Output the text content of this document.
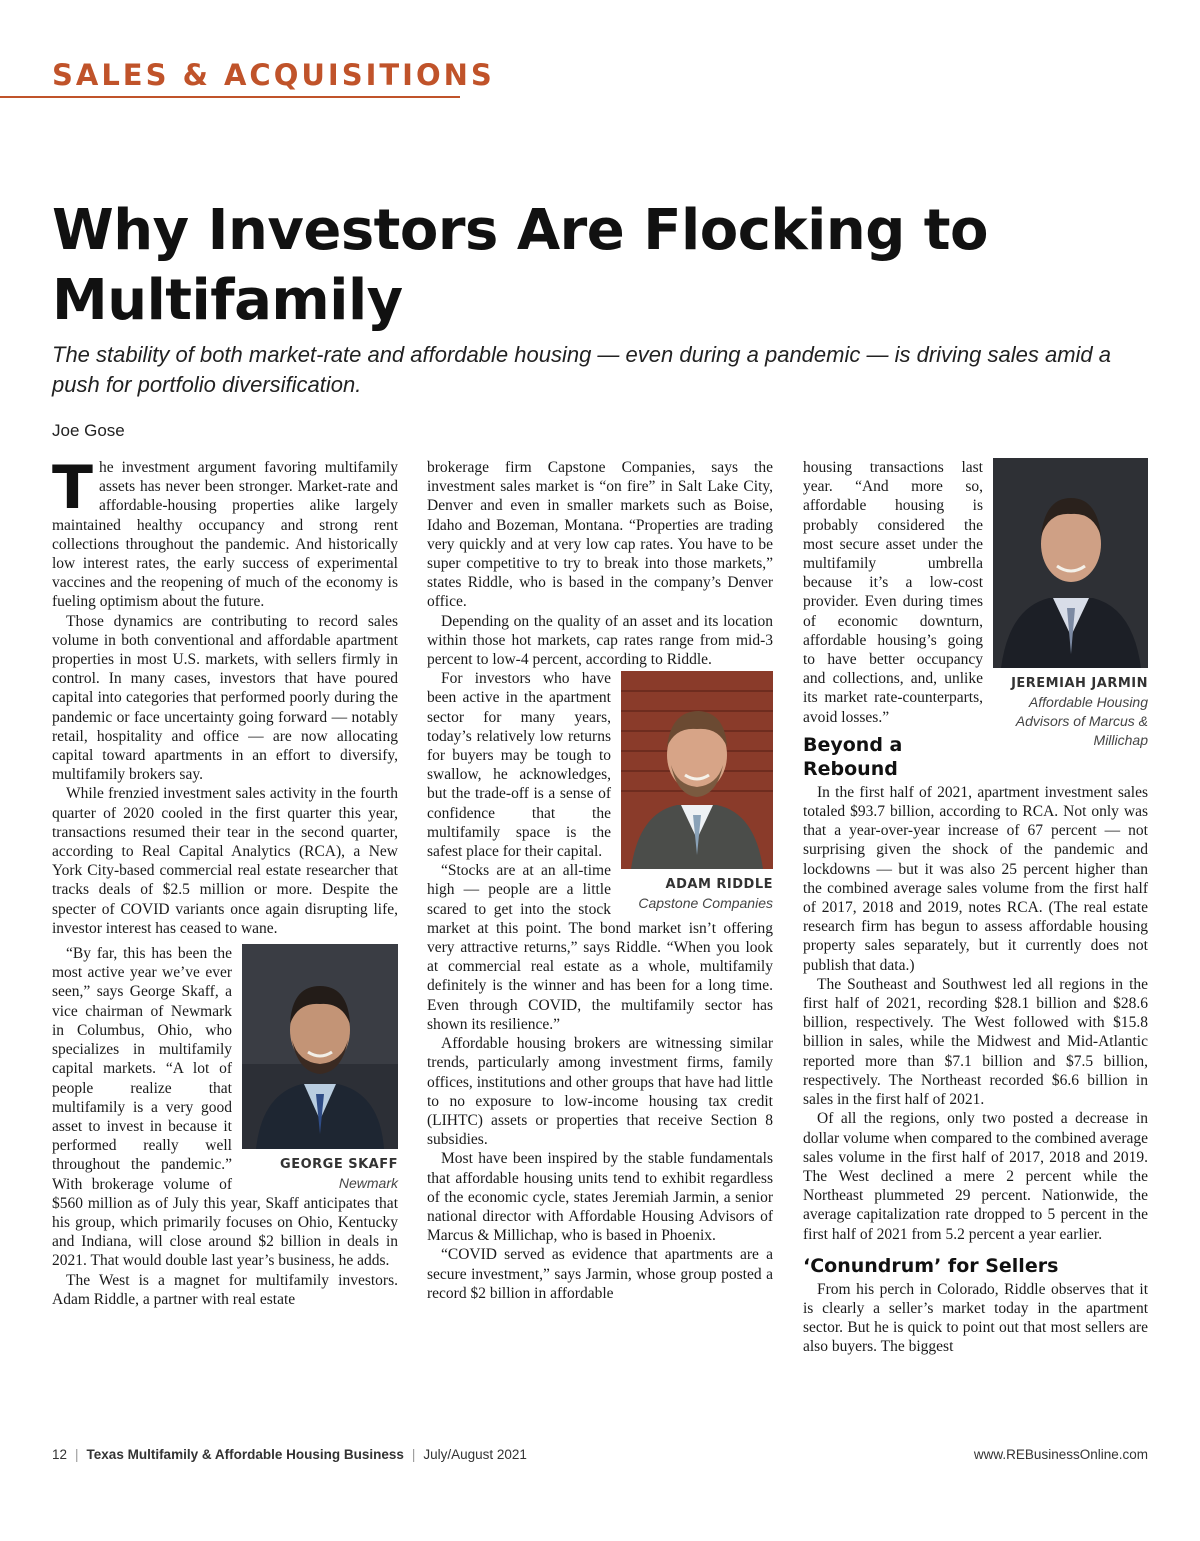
SALES & ACQUISITIONS
Why Investors Are Flocking to Multifamily

The stability of both market-rate and affordable housing — even during a pandemic — is driving sales amid a push for portfolio diversification.

Joe Gose

The investment argument favoring multifamily assets has never been stronger. Market-rate and affordable-housing properties alike largely maintained healthy occupancy and strong rent collections throughout the pandemic. And historically low interest rates, the early success of experimental vaccines and the reopening of much of the economy is fueling optimism about the future.

Those dynamics are contributing to record sales volume in both conventional and affordable apartment properties in most U.S. markets, with sellers firmly in control. In many cases, investors that have poured capital into categories that performed poorly during the pandemic or face uncertainty going forward — notably retail, hospitality and office — are now allocating capital toward apartments in an effort to diversify, multifamily brokers say.

While frenzied investment sales activity in the fourth quarter of 2020 cooled in the first quarter this year, transactions resumed their tear in the second quarter, according to Real Capital Analytics (RCA), a New York City-based commercial real estate researcher that tracks deals of $2.5 million or more. Despite the specter of COVID variants once again disrupting life, investor interest has ceased to wane.

GEORGE SKAFF
Newmark

“By far, this has been the most active year we’ve ever seen,” says George Skaff, a vice chairman of Newmark in Columbus, Ohio, who specializes in multifamily capital markets. “A lot of people realize that multifamily is a very good asset to invest in because it performed really well throughout the pandemic.” With brokerage volume of $560 million as of July this year, Skaff anticipates that his group, which primarily focuses on Ohio, Kentucky and Indiana, will close around $2 billion in deals in 2021. That would double last year’s business, he adds.

The West is a magnet for multifamily investors. Adam Riddle, a partner with real estate

brokerage firm Capstone Companies, says the investment sales market is “on fire” in Salt Lake City, Denver and even in smaller markets such as Boise, Idaho and Bozeman, Montana. “Properties are trading very quickly and at very low cap rates. You have to be super competitive to try to break into those markets,” states Riddle, who is based in the company’s Denver office.

Depending on the quality of an asset and its location within those hot markets, cap rates range from mid-3 percent to low-4 percent, according to Riddle.

ADAM RIDDLE
Capstone Companies

For investors who have been active in the apartment sector for many years, today’s relatively low returns for buyers may be tough to swallow, he acknowledges, but the trade-off is a sense of confidence that the multifamily space is the safest place for their capital.

“Stocks are at an all-time high — people are a little scared to get into the stock market at this point. The bond market isn’t offering very attractive returns,” says Riddle. “When you look at commercial real estate as a whole, multifamily definitely is the winner and has been for a long time. Even through COVID, the multifamily sector has shown its resilience.”

Affordable housing brokers are witnessing similar trends, particularly among investment firms, family offices, institutions and other groups that have had little to no exposure to low-income housing tax credit (LIHTC) assets or properties that receive Section 8 subsidies.

Most have been inspired by the stable fundamentals that affordable housing units tend to exhibit regardless of the economic cycle, states Jeremiah Jarmin, a senior national director with Affordable Housing Advisors of Marcus & Millichap, who is based in Phoenix.

“COVID served as evidence that apartments are a secure investment,” says Jarmin, whose group posted a record $2 billion in affordable

JEREMIAH JARMIN
Affordable Housing Advisors of Marcus & Millichap

housing transactions last year. “And more so, affordable housing is probably considered the most secure asset under the multifamily umbrella because it’s a low-cost provider. Even during times of economic downturn, affordable housing’s going to have better occupancy and collections, and, unlike its market rate-counterparts, avoid losses.”

Beyond a Rebound

In the first half of 2021, apartment investment sales totaled $93.7 billion, according to RCA. Not only was that a year-over-year increase of 67 percent — not surprising given the shock of the pandemic and lockdowns — but it was also 25 percent higher than the combined average sales volume from the first half of 2017, 2018 and 2019, notes RCA. (The real estate research firm has begun to assess affordable housing property sales separately, but it currently does not publish that data.)

The Southeast and Southwest led all regions in the first half of 2021, recording $28.1 billion and $28.6 billion, respectively. The West followed with $15.8 billion in sales, while the Midwest and Mid-Atlantic reported more than $7.1 billion and $7.5 billion, respectively. The Northeast recorded $6.6 billion in sales in the first half of 2021.

Of all the regions, only two posted a decrease in dollar volume when compared to the combined average sales volume in the first half of 2017, 2018 and 2019. The West declined a mere 2 percent while the Northeast plummeted 29 percent. Nationwide, the average capitalization rate dropped to 5 percent in the first half of 2021 from 5.2 percent a year earlier.

‘Conundrum’ for Sellers

From his perch in Colorado, Riddle observes that it is clearly a seller’s market today in the apartment sector. But he is quick to point out that most sellers are also buyers. The biggest

12 | Texas Multifamily & Affordable Housing Business | July/August 2021	www.REBusinessOnline.com
